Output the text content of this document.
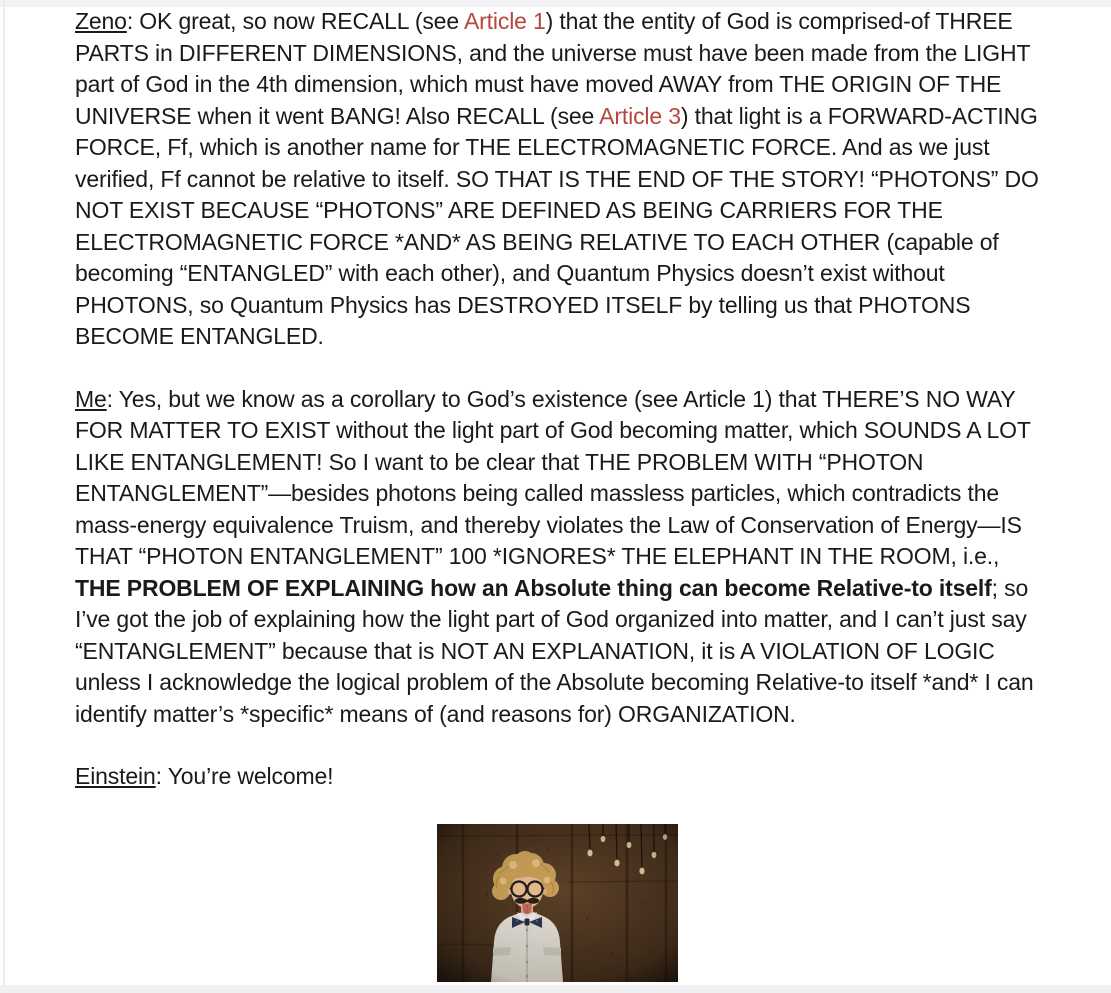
Zeno: OK great, so now RECALL (see Article 1) that the entity of God is comprised-of THREE PARTS in DIFFERENT DIMENSIONS, and the universe must have been made from the LIGHT part of God in the 4th dimension, which must have moved AWAY from THE ORIGIN OF THE UNIVERSE when it went BANG! Also RECALL (see Article 3) that light is a FORWARD-ACTING FORCE, Ff, which is another name for THE ELECTROMAGNETIC FORCE. And as we just verified, Ff cannot be relative to itself. SO THAT IS THE END OF THE STORY! “PHOTONS” DO NOT EXIST BECAUSE “PHOTONS” ARE DEFINED AS BEING CARRIERS FOR THE ELECTROMAGNETIC FORCE *AND* AS BEING RELATIVE TO EACH OTHER (capable of becoming “ENTANGLED” with each other), and Quantum Physics doesn’t exist without PHOTONS, so Quantum Physics has DESTROYED ITSELF by telling us that PHOTONS BECOME ENTANGLED.

Me: Yes, but we know as a corollary to God’s existence (see Article 1) that THERE’S NO WAY FOR MATTER TO EXIST without the light part of God becoming matter, which SOUNDS A LOT LIKE ENTANGLEMENT! So I want to be clear that THE PROBLEM WITH “PHOTON ENTANGLEMENT”—besides photons being called massless particles, which contradicts the mass-energy equivalence Truism, and thereby violates the Law of Conservation of Energy—IS THAT “PHOTON ENTANGLEMENT” 100 *IGNORES* THE ELEPHANT IN THE ROOM, i.e., THE PROBLEM OF EXPLAINING how an Absolute thing can become Relative-to itself; so I’ve got the job of explaining how the light part of God organized into matter, and I can’t just say “ENTANGLEMENT” because that is NOT AN EXPLANATION, it is A VIOLATION OF LOGIC unless I acknowledge the logical problem of the Absolute becoming Relative-to itself *and* I can identify matter’s *specific* means of (and reasons for) ORGANIZATION.

Einstein: You’re welcome!
